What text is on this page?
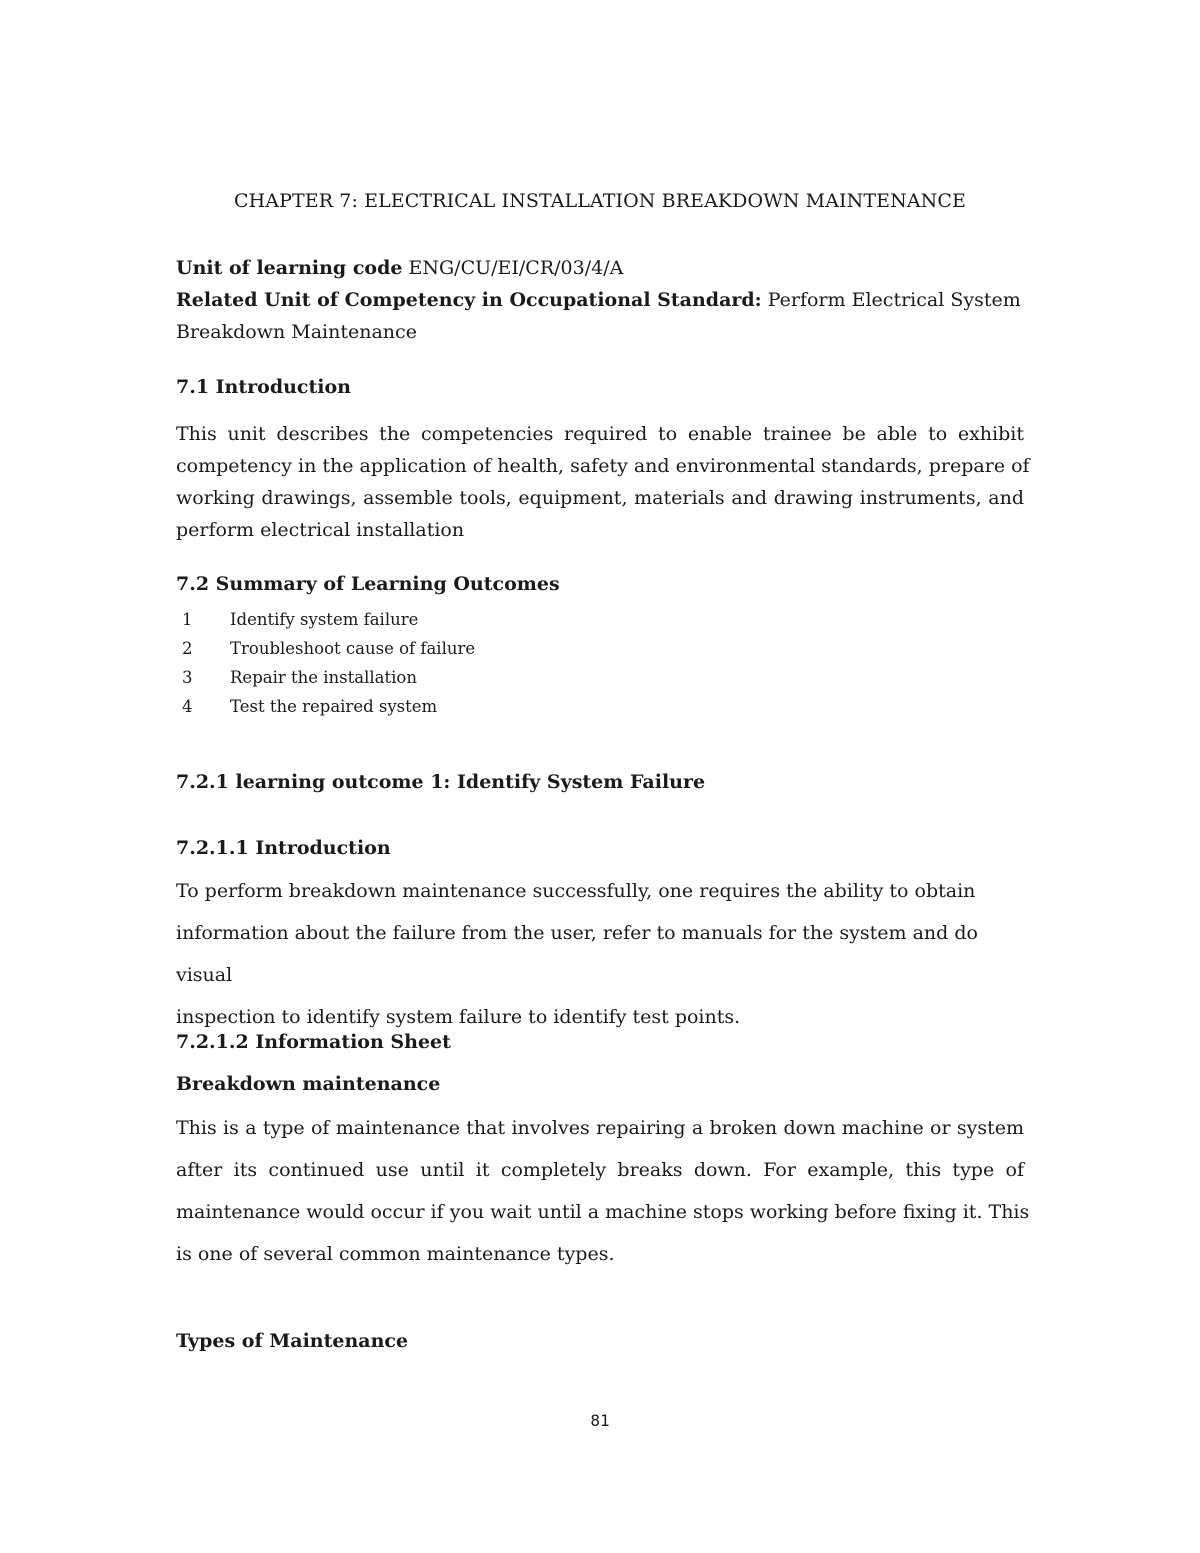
CHAPTER 7: ELECTRICAL INSTALLATION BREAKDOWN MAINTENANCE
Unit of learning code ENG/CU/EI/CR/03/4/A
Related Unit of Competency in Occupational Standard: Perform Electrical System
Breakdown Maintenance
7.1 Introduction
This unit describes the competencies required to enable trainee be able to exhibit
competency in the application of health, safety and environmental standards, prepare of
working drawings, assemble tools, equipment, materials and drawing instruments, and
perform electrical installation
7.2 Summary of Learning Outcomes
1	Identify system failure
2	Troubleshoot cause of failure
3	Repair the installation
4	Test the repaired system
7.2.1 learning outcome 1: Identify System Failure
7.2.1.1 Introduction
To perform breakdown maintenance successfully, one requires the ability to obtain
information about the failure from the user, refer to manuals for the system and do visual
inspection to identify system failure to identify test points.
7.2.1.2 Information Sheet
Breakdown maintenance
This is a type of maintenance that involves repairing a broken down machine or system
after its continued use until it completely breaks down. For example, this type of
maintenance would occur if you wait until a machine stops working before fixing it. This
is one of several common maintenance types.
Types of Maintenance
81
